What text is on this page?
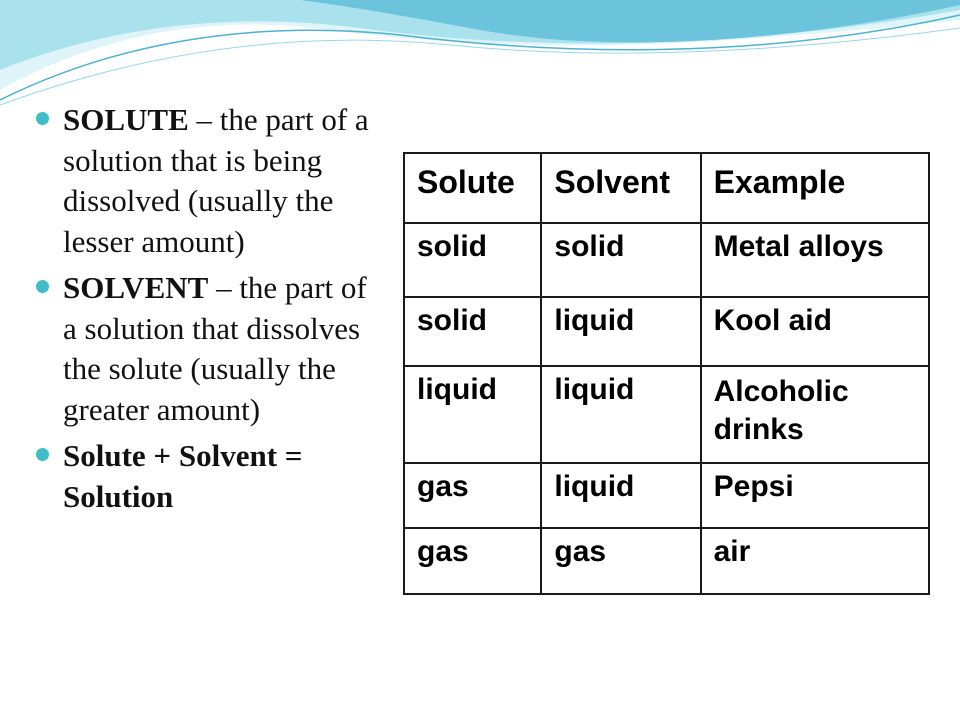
SOLUTE – the part of a solution that is being dissolved (usually the lesser amount)
SOLVENT – the part of a solution that dissolves the solute (usually the greater amount)
Solute + Solvent = Solution
Solute	Solvent	Example
solid	solid	Metal alloys
solid	liquid	Kool aid
liquid	liquid	Alcoholic drinks
gas	liquid	Pepsi
gas	gas	air
